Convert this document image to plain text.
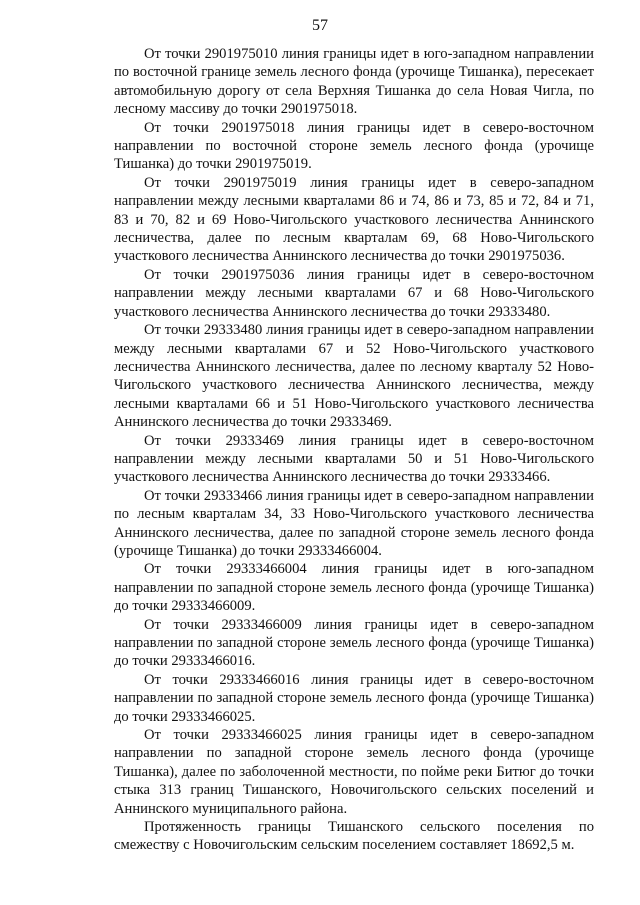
57

От точки 2901975010 линия границы идет в юго-западном направлении по восточной границе земель лесного фонда (урочище Тишанка), пересекает автомобильную дорогу от села Верхняя Тишанка до села Новая Чигла, по лесному массиву до точки 2901975018.

От точки 2901975018 линия границы идет в северо-восточном направлении по восточной стороне земель лесного фонда (урочище Тишанка) до точки 2901975019.

От точки 2901975019 линия границы идет в северо-западном направлении между лесными кварталами 86 и 74, 86 и 73, 85 и 72, 84 и 71, 83 и 70, 82 и 69 Ново-Чигольского участкового лесничества Аннинского лесничества, далее по лесным кварталам 69, 68 Ново-Чигольского участкового лесничества Аннинского лесничества до точки 2901975036.

От точки 2901975036 линия границы идет в северо-восточном направлении между лесными кварталами 67 и 68 Ново-Чигольского участкового лесничества Аннинского лесничества до точки 29333480.

От точки 29333480 линия границы идет в северо-западном направлении между лесными кварталами 67 и 52 Ново-Чигольского участкового лесничества Аннинского лесничества, далее по лесному кварталу 52 Ново-Чигольского участкового лесничества Аннинского лесничества, между лесными кварталами 66 и 51 Ново-Чигольского участкового лесничества Аннинского лесничества до точки 29333469.

От точки 29333469 линия границы идет в северо-восточном направлении между лесными кварталами 50 и 51 Ново-Чигольского участкового лесничества Аннинского лесничества до точки 29333466.

От точки 29333466 линия границы идет в северо-западном направлении по лесным кварталам 34, 33 Ново-Чигольского участкового лесничества Аннинского лесничества, далее по западной стороне земель лесного фонда (урочище Тишанка) до точки 29333466004.

От точки 29333466004 линия границы идет в юго-западном направлении по западной стороне земель лесного фонда (урочище Тишанка) до точки 29333466009.

От точки 29333466009 линия границы идет в северо-западном направлении по западной стороне земель лесного фонда (урочище Тишанка) до точки 29333466016.

От точки 29333466016 линия границы идет в северо-восточном направлении по западной стороне земель лесного фонда (урочище Тишанка) до точки 29333466025.

От точки 29333466025 линия границы идет в северо-западном направлении по западной стороне земель лесного фонда (урочище Тишанка), далее по заболоченной местности, по пойме реки Битюг до точки стыка 313 границ Тишанского, Новочигольского сельских поселений и Аннинского муниципального района.

Протяженность границы Тишанского сельского поселения по смежеству с Новочигольским сельским поселением составляет 18692,5 м.
